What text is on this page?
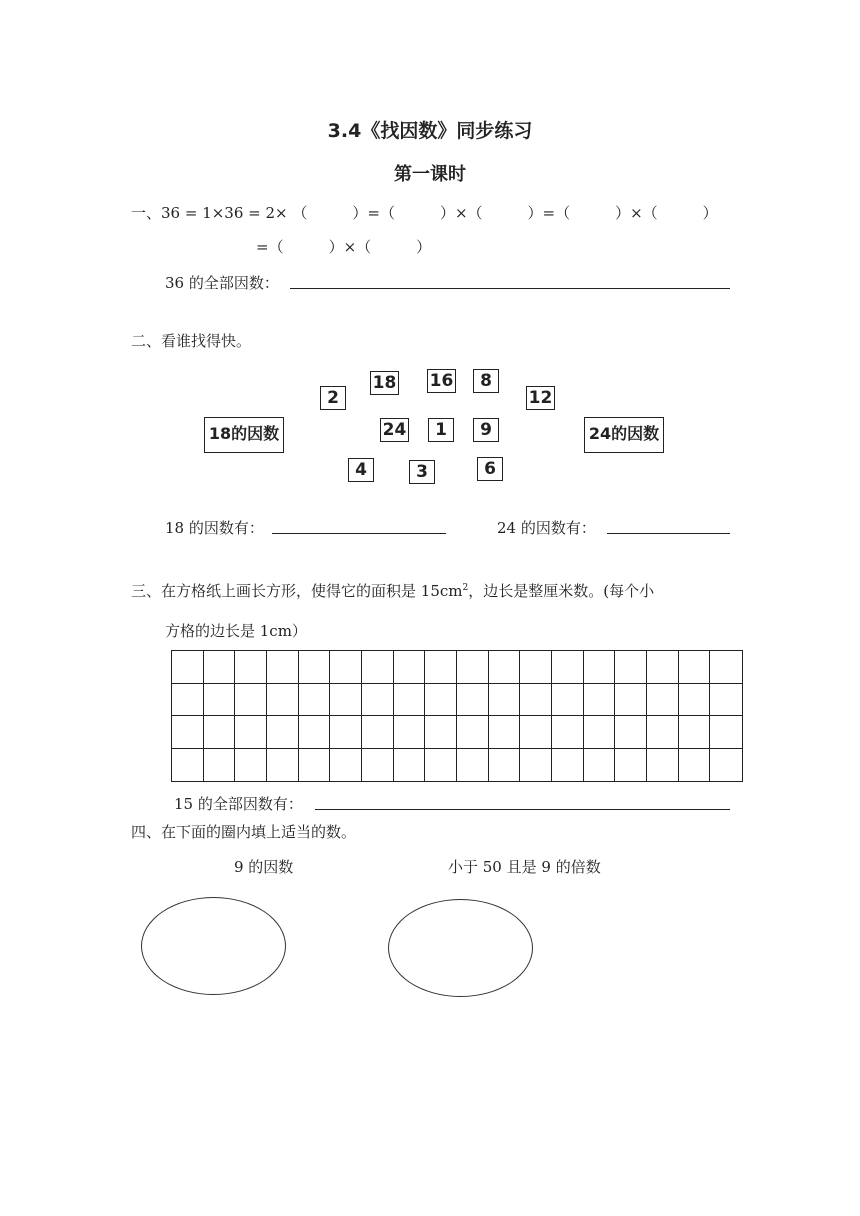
3.4《找因数》同步练习
第一课时
一、36 = 1×36 = 2× （　　　）=（　　　）×（　　　）=（　　　）×（　　　）
=（　　　）×（　　　）
36 的全部因数：
二、看谁找得快。
18的因数	24的因数
2
18 16	8
12
24	1	9
4	3	6
18 的因数有：	24 的因数有：
三、在方格纸上画长方形，使得它的面积是 $15cm^2$，边长是整厘米数。(每个小
方格的边长是 1cm）
15 的全部因数有：
四、在下面的圈内填上适当的数。
9 的因数	小于 50 且是 9 的倍数
